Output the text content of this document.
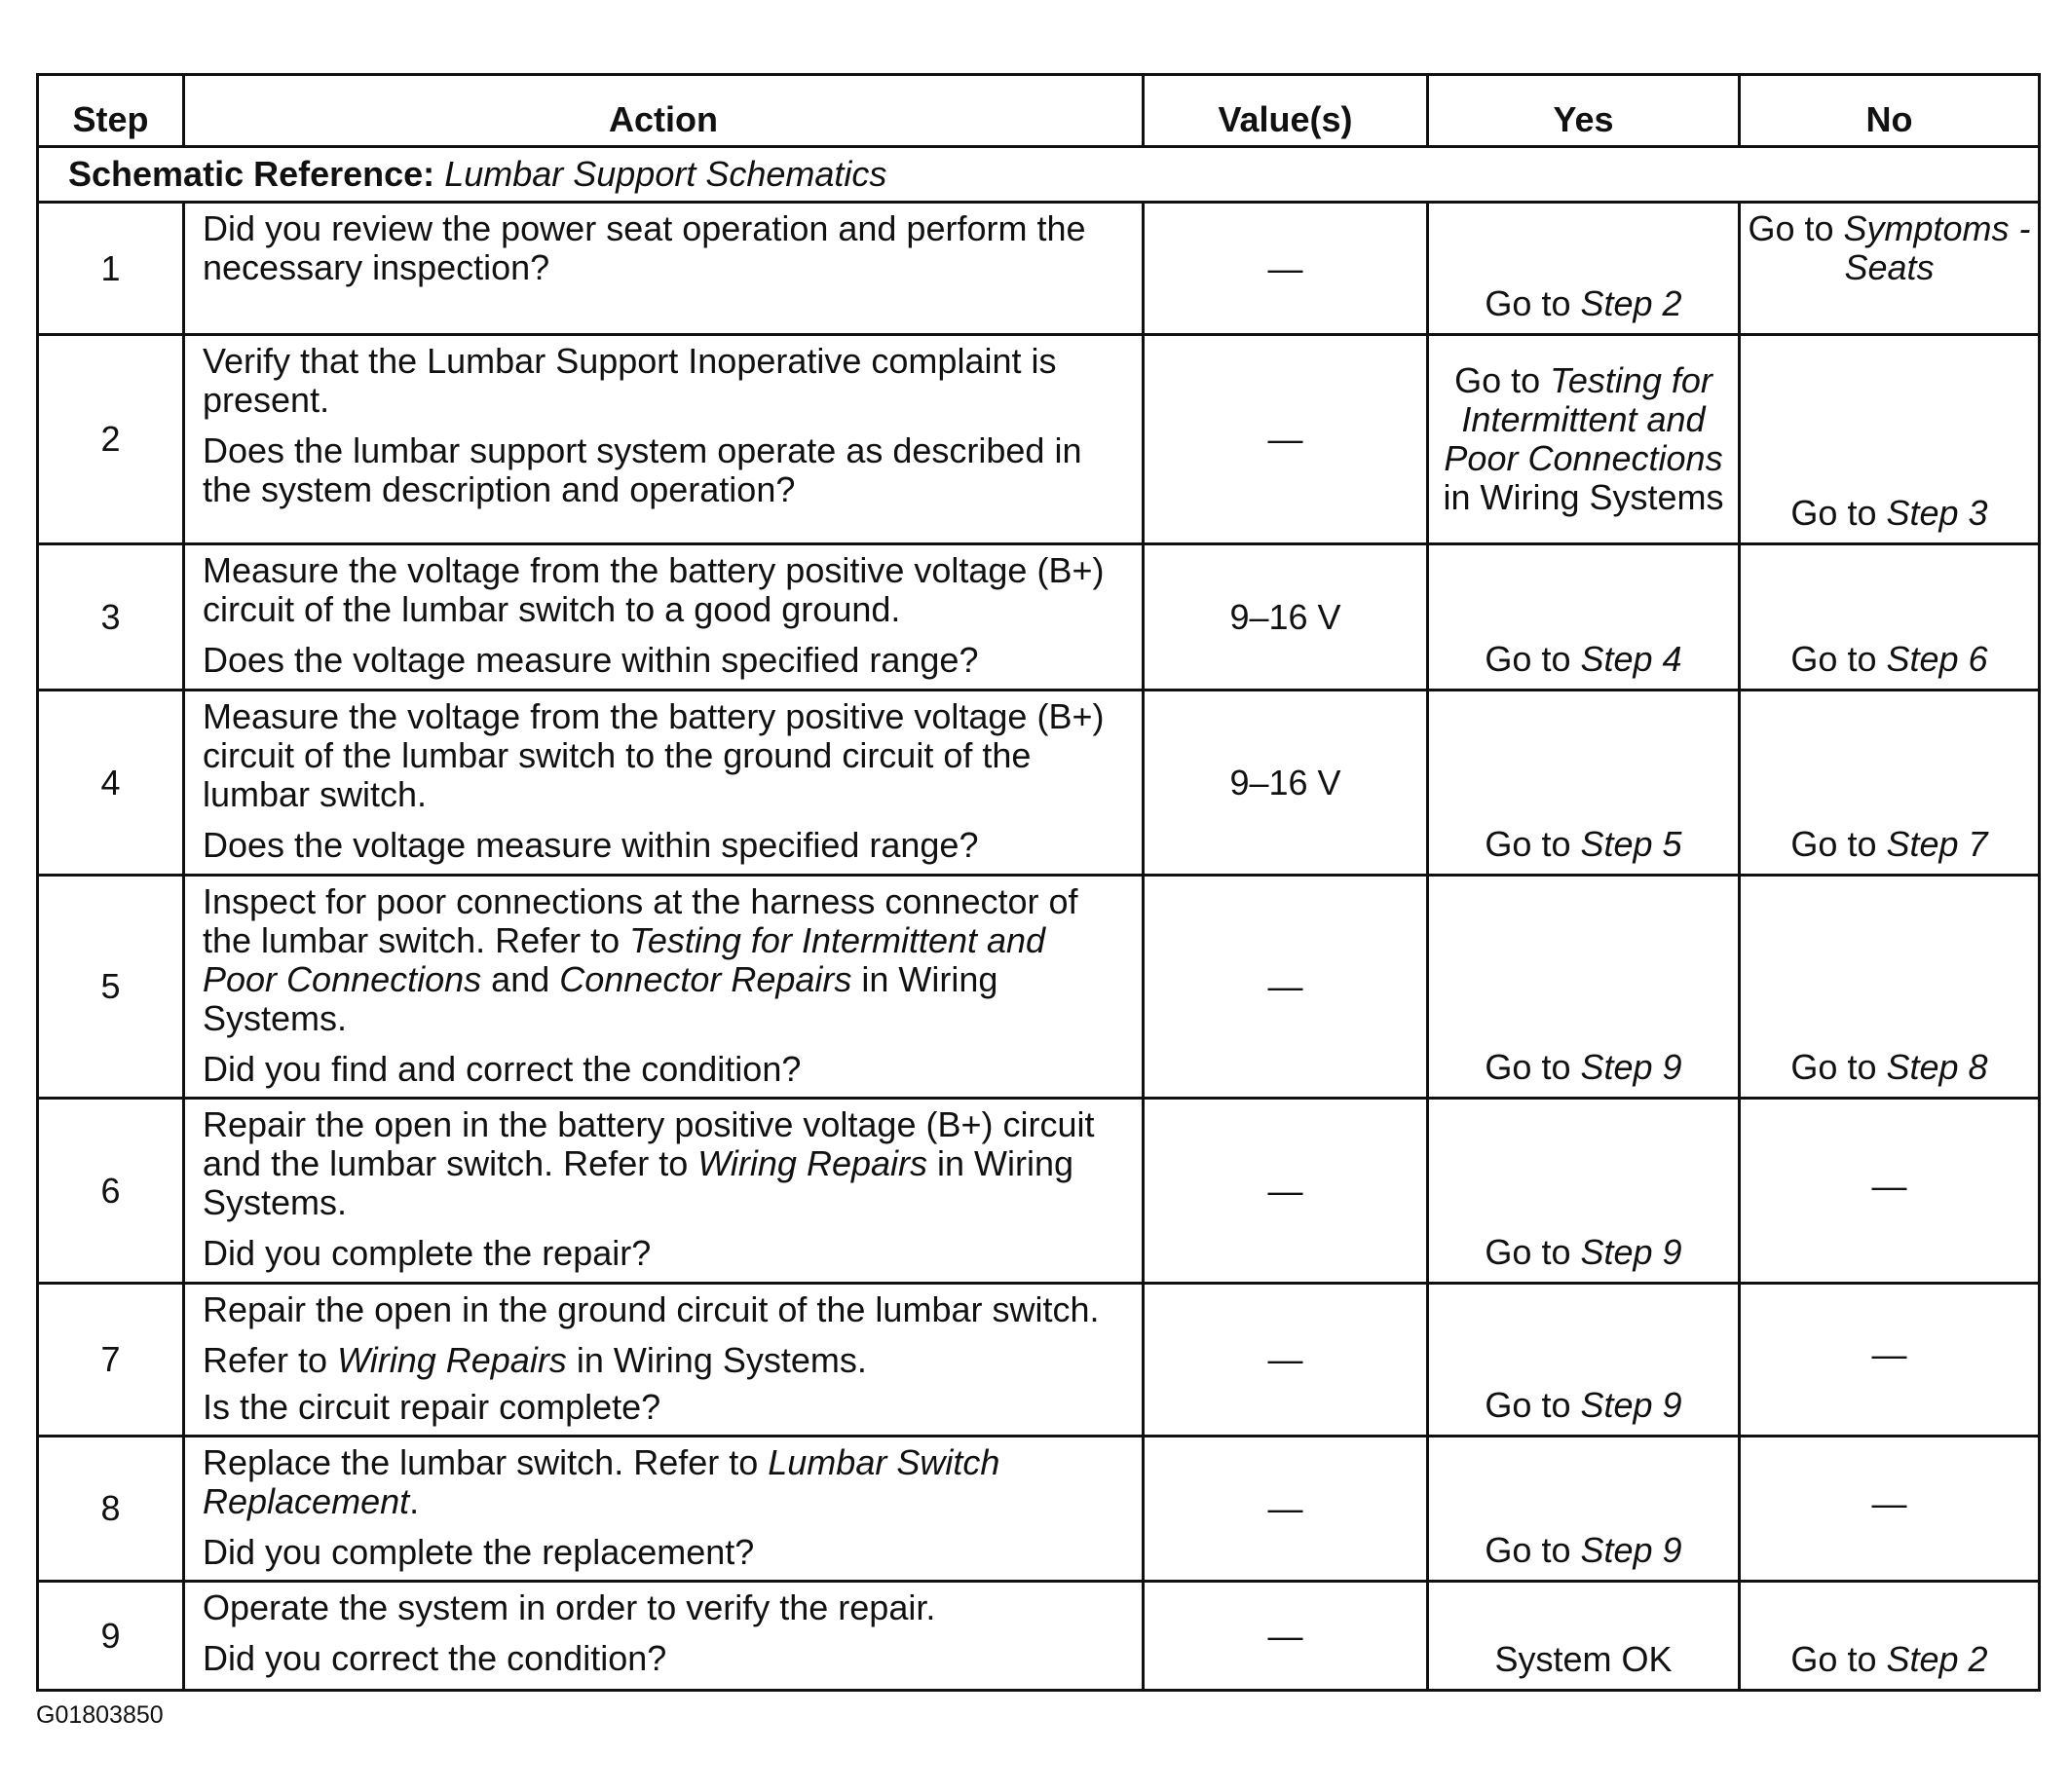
Step	Action	Value(s)	Yes	No
Schematic Reference: Lumbar Support Schematics				
1	Did you review the power seat operation and perform the necessary inspection?	—	Go to Step 2	Go to Symptoms - Seats
2	Verify that the Lumbar Support Inoperative complaint is present.

Does the lumbar support system operate as described in the system description and operation?	—	Go to Testing for Intermittent and Poor Connections in Wiring Systems	Go to Step 3
3	Measure the voltage from the battery positive voltage (B+) circuit of the lumbar switch to a good ground.

Does the voltage measure within specified range?	9–16 V	Go to Step 4	Go to Step 6
4	Measure the voltage from the battery positive voltage (B+) circuit of the lumbar switch to the ground circuit of the lumbar switch.

Does the voltage measure within specified range?	9–16 V	Go to Step 5	Go to Step 7
5	Inspect for poor connections at the harness connector of the lumbar switch. Refer to Testing for Intermittent and Poor Connections and Connector Repairs in Wiring Systems.

Did you find and correct the condition?	—	Go to Step 9	Go to Step 8
6	Repair the open in the battery positive voltage (B+) circuit and the lumbar switch. Refer to Wiring Repairs in Wiring Systems.

Did you complete the repair?	—	Go to Step 9	—
7	Repair the open in the ground circuit of the lumbar switch.

Refer to Wiring Repairs in Wiring Systems.

Is the circuit repair complete?	—	Go to Step 9	—
8	Replace the lumbar switch. Refer to Lumbar Switch Replacement.

Did you complete the replacement?	—	Go to Step 9	—
9	Operate the system in order to verify the repair.

Did you correct the condition?	—	System OK	Go to Step 2
G01803850
